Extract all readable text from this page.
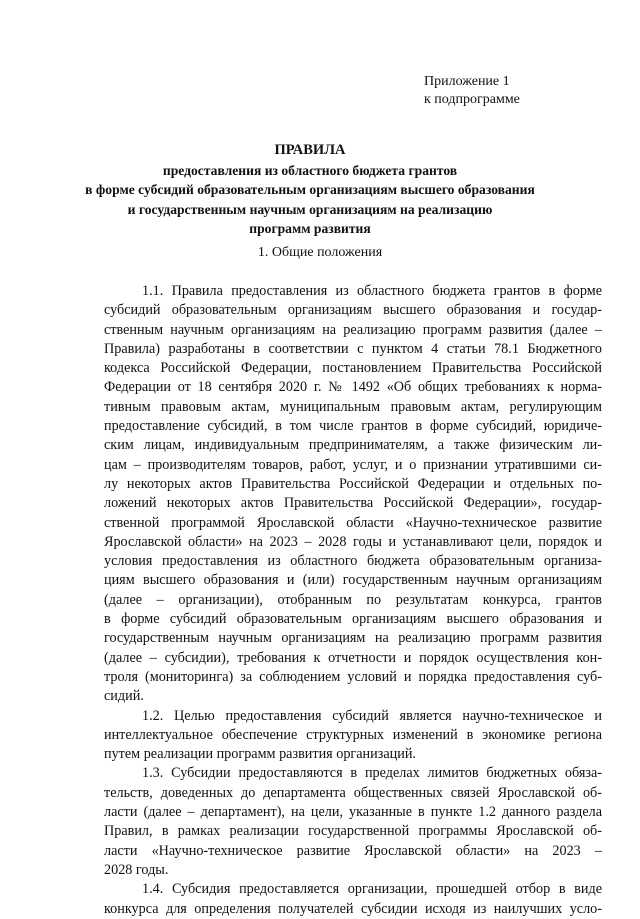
Приложение 1
к подпрограмме
ПРАВИЛА
предоставления из областного бюджета грантов
в форме субсидий образовательным организациям высшего образования
и государственным научным организациям на реализацию
программ развития
1. Общие положения
1.1. Правила предоставления из областного бюджета грантов в форме
субсидий образовательным организациям высшего образования и государ-
ственным научным организациям на реализацию программ развития (далее –
Правила) разработаны в соответствии с пунктом 4 статьи 78.1 Бюджетного
кодекса Российской Федерации, постановлением Правительства Российской
Федерации от 18 сентября 2020 г. № 1492 «Об общих требованиях к норма-
тивным правовым актам, муниципальным правовым актам, регулирующим
предоставление субсидий, в том числе грантов в форме субсидий, юридиче-
ским лицам, индивидуальным предпринимателям, а также физическим ли-
цам – производителям товаров, работ, услуг, и о признании утратившими си-
лу некоторых актов Правительства Российской Федерации и отдельных по-
ложений некоторых актов Правительства Российской Федерации», государ-
ственной программой Ярославской области «Научно-техническое развитие
Ярославской области» на 2023 – 2028 годы и устанавливают цели, порядок и
условия предоставления из областного бюджета образовательным организа-
циям высшего образования и (или) государственным научным организациям
(далее – организации), отобранным по результатам конкурса, грантов
в форме субсидий образовательным организациям высшего образования и
государственным научным организациям на реализацию программ развития
(далее – субсидии), требования к отчетности и порядок осуществления кон-
троля (мониторинга) за соблюдением условий и порядка предоставления суб-
сидий.
1.2. Целью предоставления субсидий является научно-техническое и
интеллектуальное обеспечение структурных изменений в экономике региона
путем реализации программ развития организаций.
1.3. Субсидии предоставляются в пределах лимитов бюджетных обяза-
тельств, доведенных до департамента общественных связей Ярославской об-
ласти (далее – департамент), на цели, указанные в пункте 1.2 данного раздела
Правил, в рамках реализации государственной программы Ярославской об-
ласти «Научно-техническое развитие Ярославской области» на 2023 –
2028 годы.
1.4. Субсидия предоставляется организации, прошедшей отбор в виде
конкурса для определения получателей субсидии исходя из наилучших усло-
